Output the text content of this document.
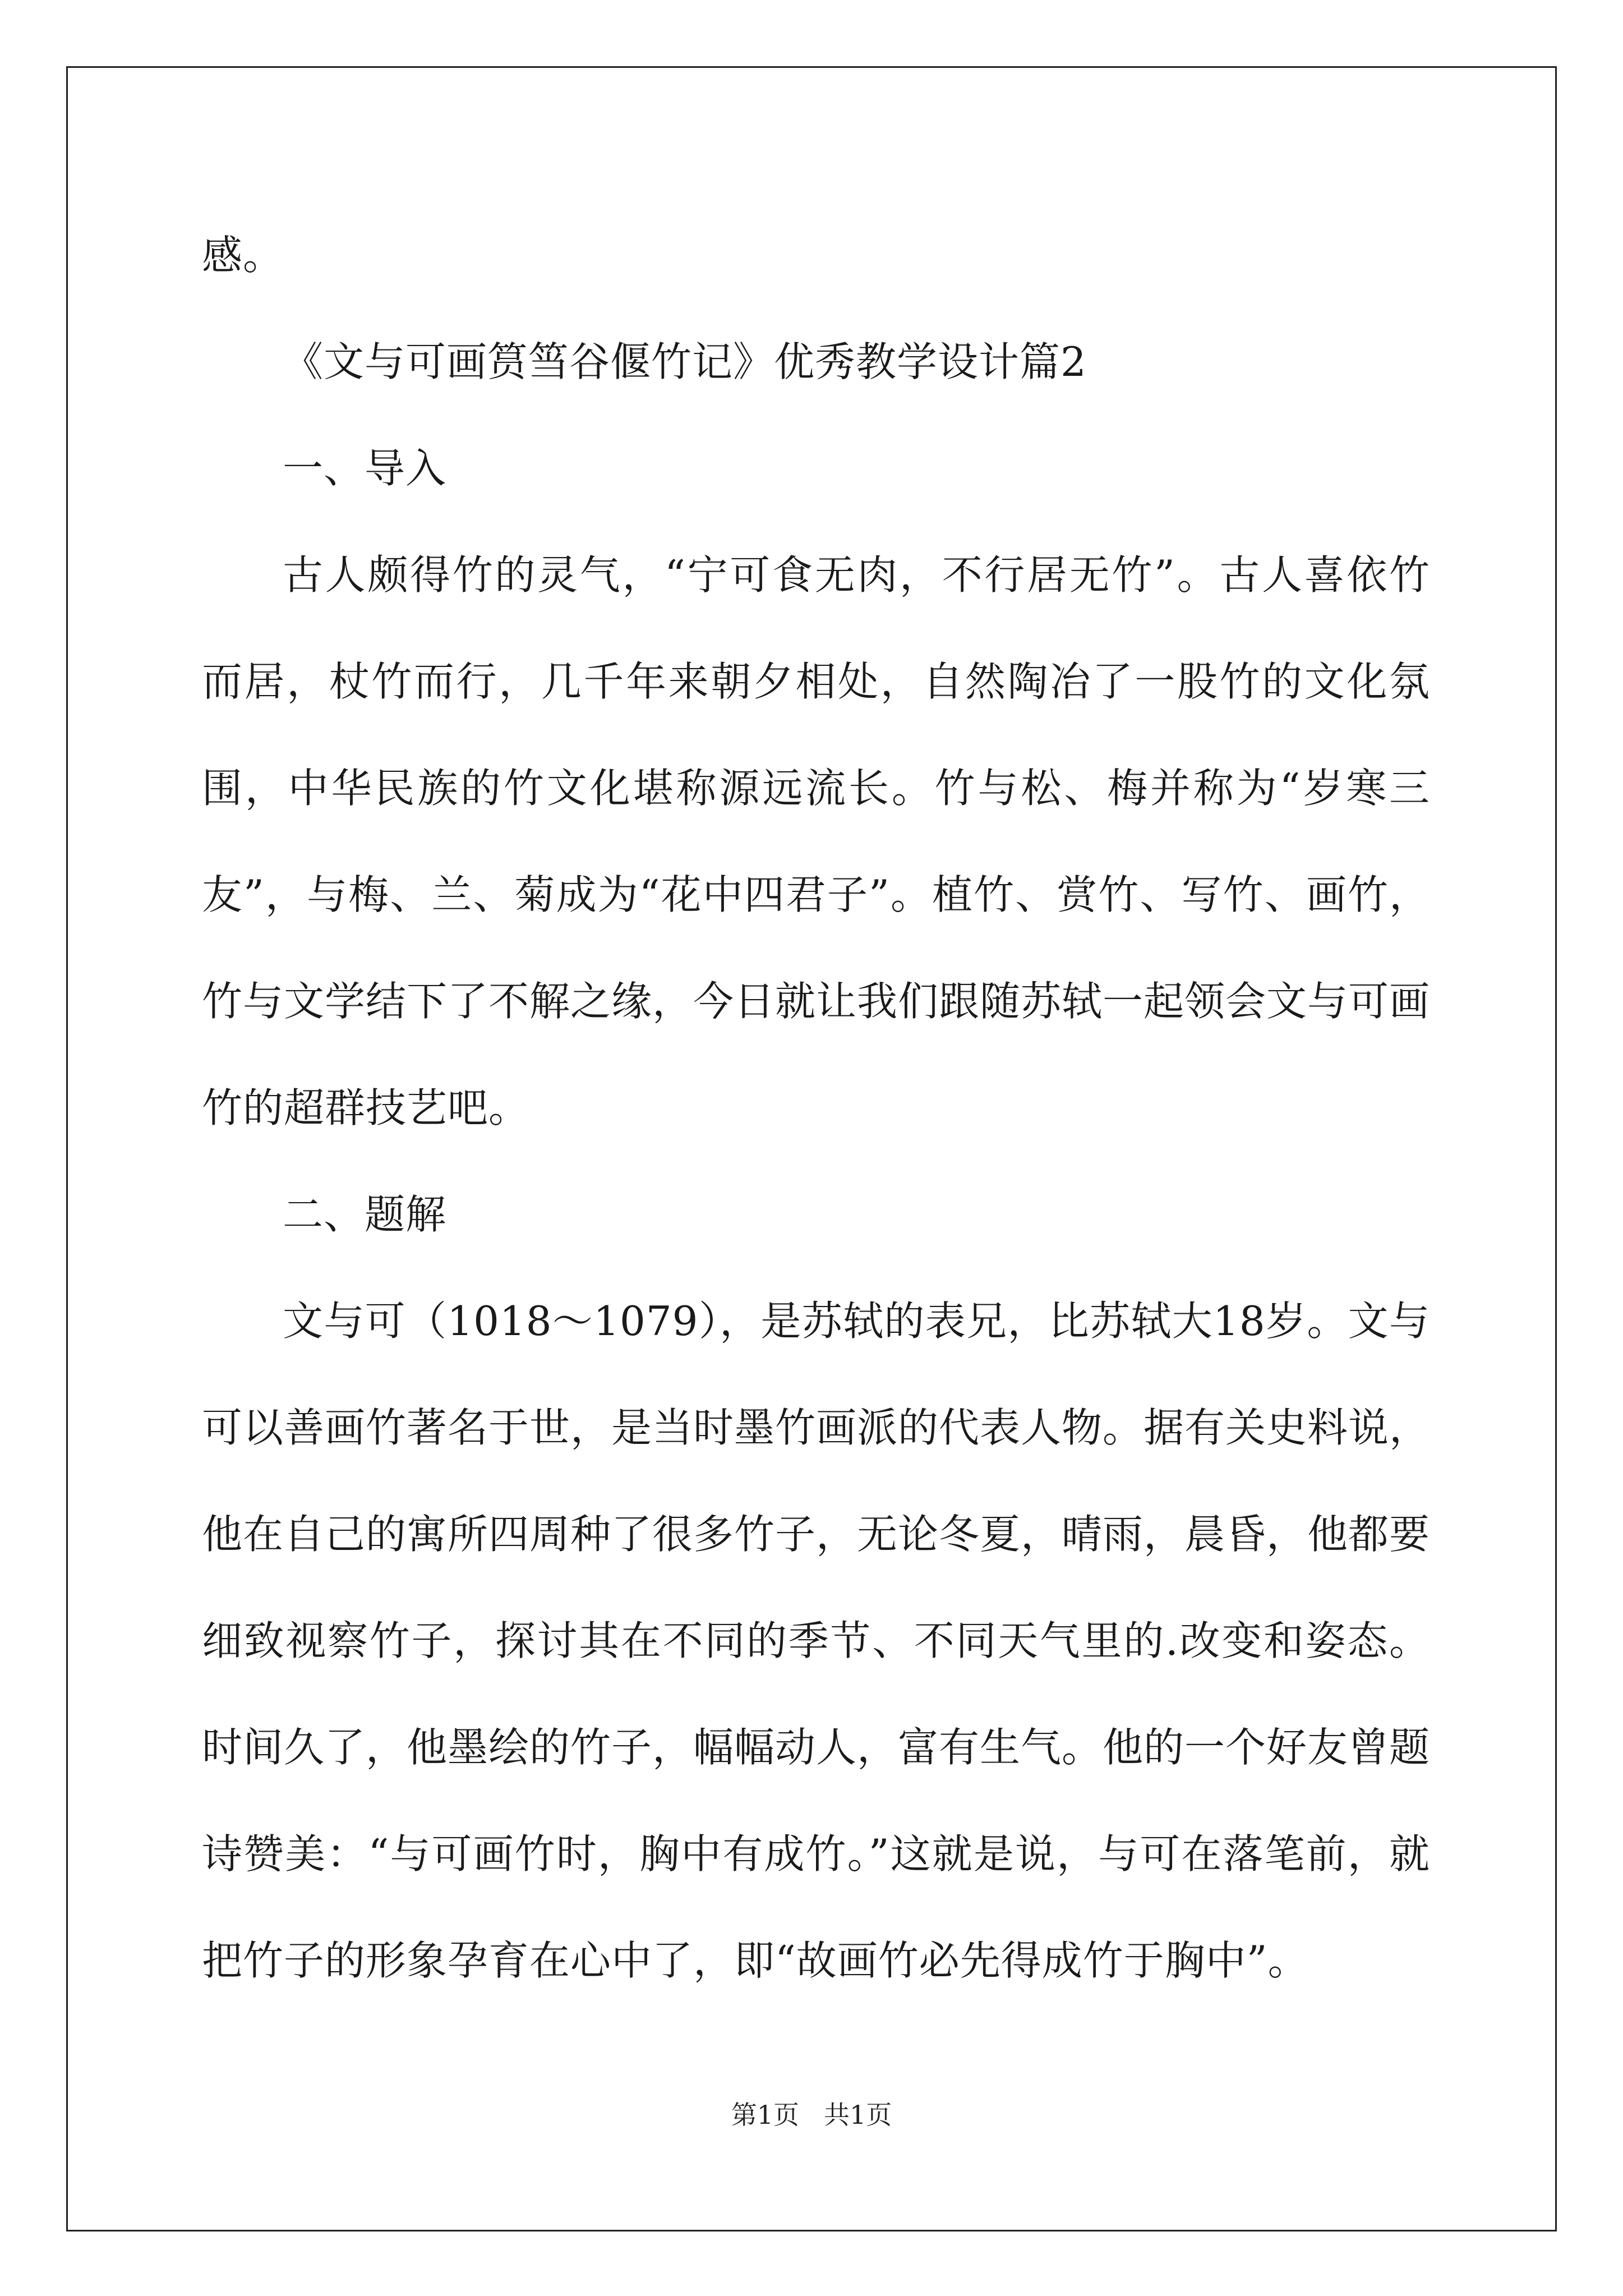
感。

《文与可画筼筜谷偃竹记》优秀教学设计篇2

一、导入

古人颇得竹的灵气，“宁可食无肉，不行居无竹”。古人喜依竹而居，杖竹而行，几千年来朝夕相处，自然陶冶了一股竹的文化氛围，中华民族的竹文化堪称源远流长。竹与松、梅并称为“岁寒三友”，与梅、兰、菊成为“花中四君子”。植竹、赏竹、写竹、画竹，竹与文学结下了不解之缘，今日就让我们跟随苏轼一起领会文与可画竹的超群技艺吧。

二、题解

文与可（1018～1079），是苏轼的表兄，比苏轼大18岁。文与可以善画竹著名于世，是当时墨竹画派的代表人物。据有关史料说，他在自己的寓所四周种了很多竹子，无论冬夏，晴雨，晨昏，他都要细致视察竹子，探讨其在不同的季节、不同天气里的.改变和姿态。时间久了，他墨绘的竹子，幅幅动人，富有生气。他的一个好友曾题诗赞美：“与可画竹时，胸中有成竹。”这就是说，与可在落笔前，就把竹子的形象孕育在心中了，即“故画竹必先得成竹于胸中”。

第1页 共1页
